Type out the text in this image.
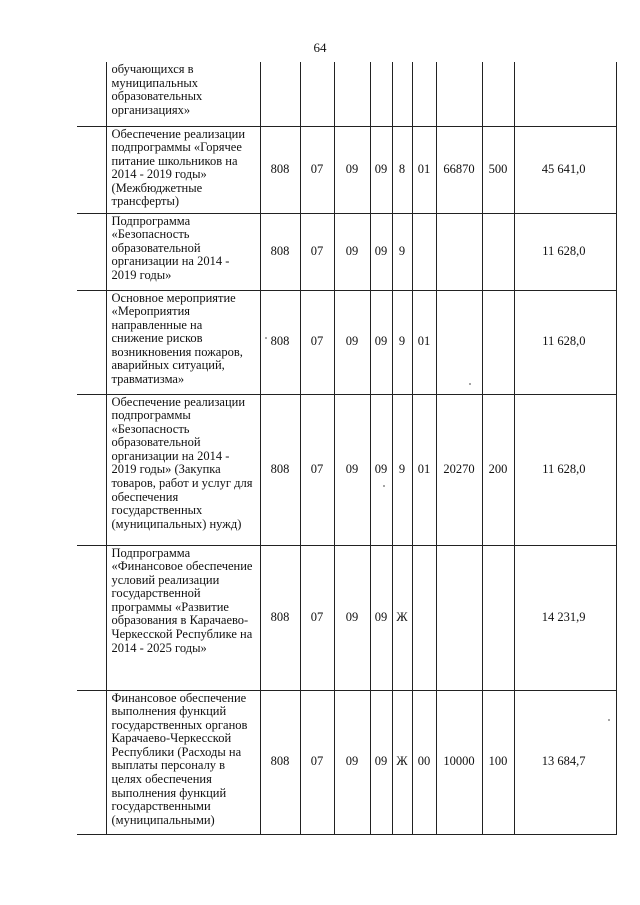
64
	обучающихся в муниципальных образовательных организациях»									
	Обеспечение реализации подпрограммы «Горячее питание школьников на 2014 - 2019 годы» (Межбюджетные трансферты)	808	07	09	09	8	01	66870	500	45 641,0
	Подпрограмма «Безопасность образовательной организации на 2014 - 2019 годы»	808	07	09	09	9				11 628,0
	Основное мероприятие «Мероприятия направленные на снижение рисков возникновения пожаров, аварийных ситуаций, травматизма»	808	07	09	09	9	01			11 628,0
	Обеспечение реализации подпрограммы «Безопасность образовательной организации на 2014 - 2019 годы» (Закупка товаров, работ и услуг для обеспечения государственных (муниципальных) нужд)	808	07	09	09	9	01	20270	200	11 628,0
	Подпрограмма «Финансовое обеспечение условий реализации государственной программы «Развитие образования в Карачаево-Черкесской Республике на 2014 - 2025 годы»	808	07	09	09	Ж				14 231,9
	Финансовое обеспечение выполнения функций государственных органов Карачаево-Черкесской Республики (Расходы на выплаты персоналу в целях обеспечения выполнения функций государственными (муниципальными)	808	07	09	09	Ж	00	10000	100	13 684,7
